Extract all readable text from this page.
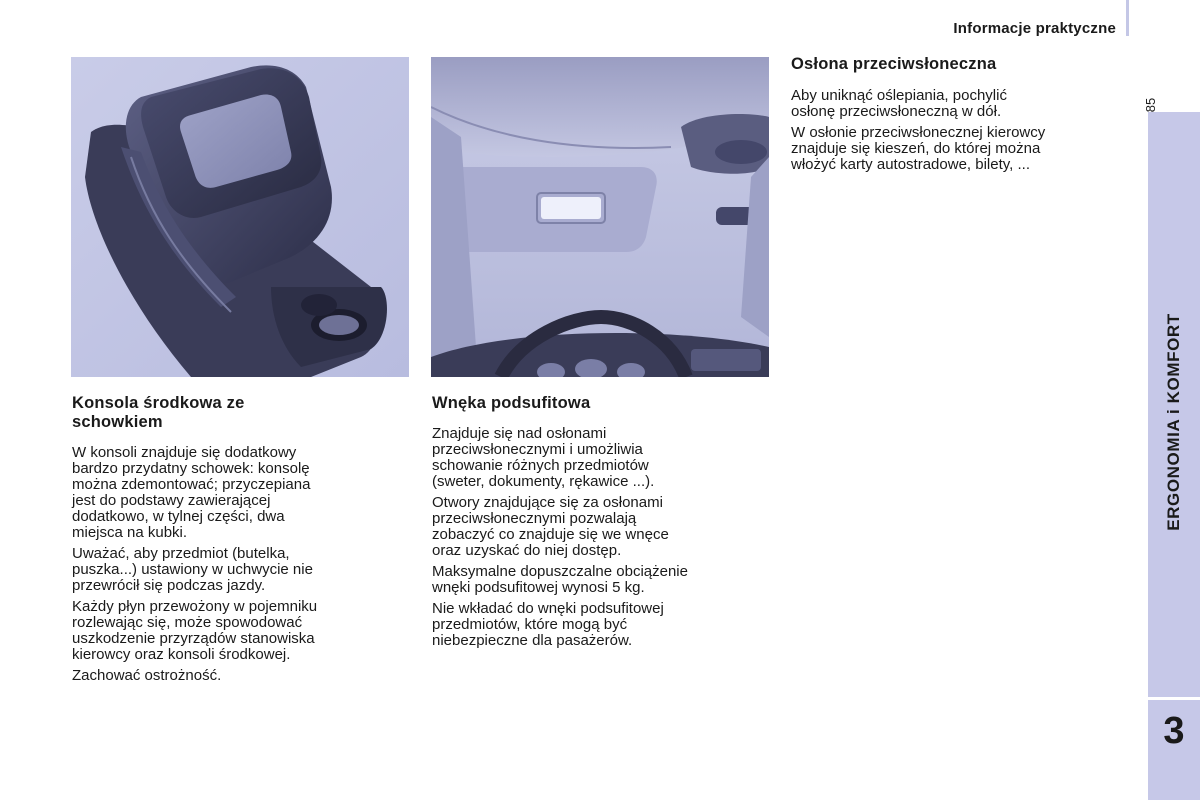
Informacje praktyczne
85
ERGONOMIA i KOMFORT
3
Konsola środkowa ze
schowkiem

W konsoli znajduje się dodatkowy
bardzo przydatny schowek: konsolę
można zdemontować; przyczepiana
jest do podstawy zawierającej
dodatkowo, w tylnej części, dwa
miejsca na kubki.

Uważać, aby przedmiot (butelka,
puszka...) ustawiony w uchwycie nie
przewrócił się podczas jazdy.

Każdy płyn przewożony w pojemniku
rozlewając się, może spowodować
uszkodzenie przyrządów stanowiska
kierowcy oraz konsoli środkowej.

Zachować ostrożność.

Wnęka podsufitowa

Znajduje się nad osłonami
przeciwsłonecznymi i umożliwia
schowanie różnych przedmiotów
(sweter, dokumenty, rękawice ...).

Otwory znajdujące się za osłonami
przeciwsłonecznymi pozwalają
zobaczyć co znajduje się we wnęce
oraz uzyskać do niej dostęp.

Maksymalne dopuszczalne obciążenie
wnęki podsufitowej wynosi 5 kg.

Nie wkładać do wnęki podsufitowej
przedmiotów, które mogą być
niebezpieczne dla pasażerów.

Osłona przeciwsłoneczna

Aby uniknąć oślepiania, pochylić
osłonę przeciwsłoneczną w dół.

W osłonie przeciwsłonecznej kierowcy
znajduje się kieszeń, do której można
włożyć karty autostradowe, bilety, ...
